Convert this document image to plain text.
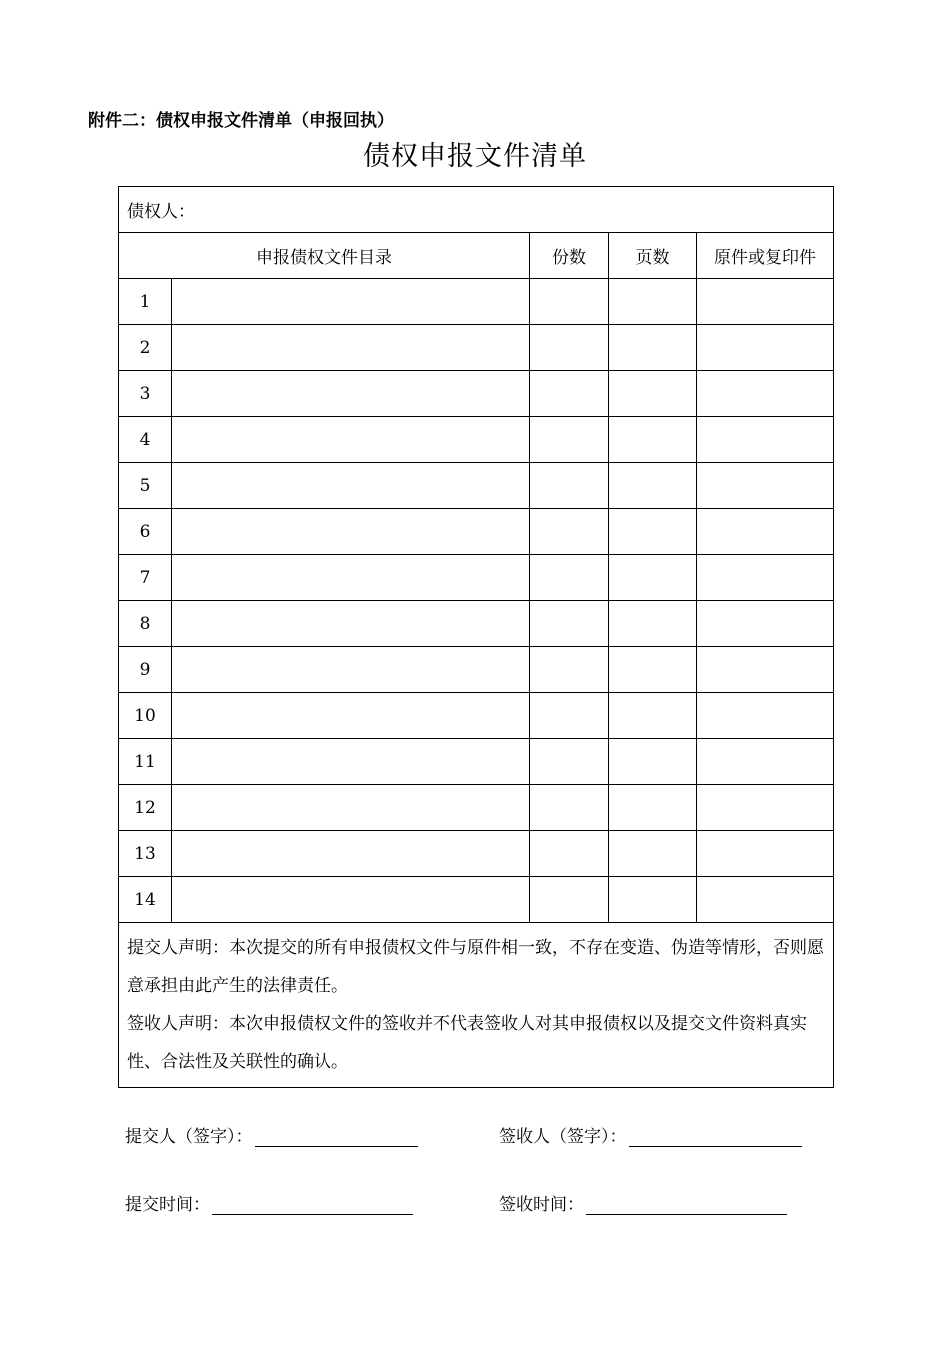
附件二：债权申报文件清单（申报回执）
债权申报文件清单
债权人：				
申报债权文件目录		份数	页数	原件或复印件
1				
2				
3				
4				
5				
6				
7				
8				
9				
10				
11				
12				
13				
14				

提交人声明：本次提交的所有申报债权文件与原件相一致，不存在变造、伪造等情形，否则愿意承担由此产生的法律责任。
签收人声明：本次申报债权文件的签收并不代表签收人对其申报债权以及提交文件资料真实性、合法性及关联性的确认。				
提交人（签字）：	签收人（签字）：
提交时间：	签收时间：
